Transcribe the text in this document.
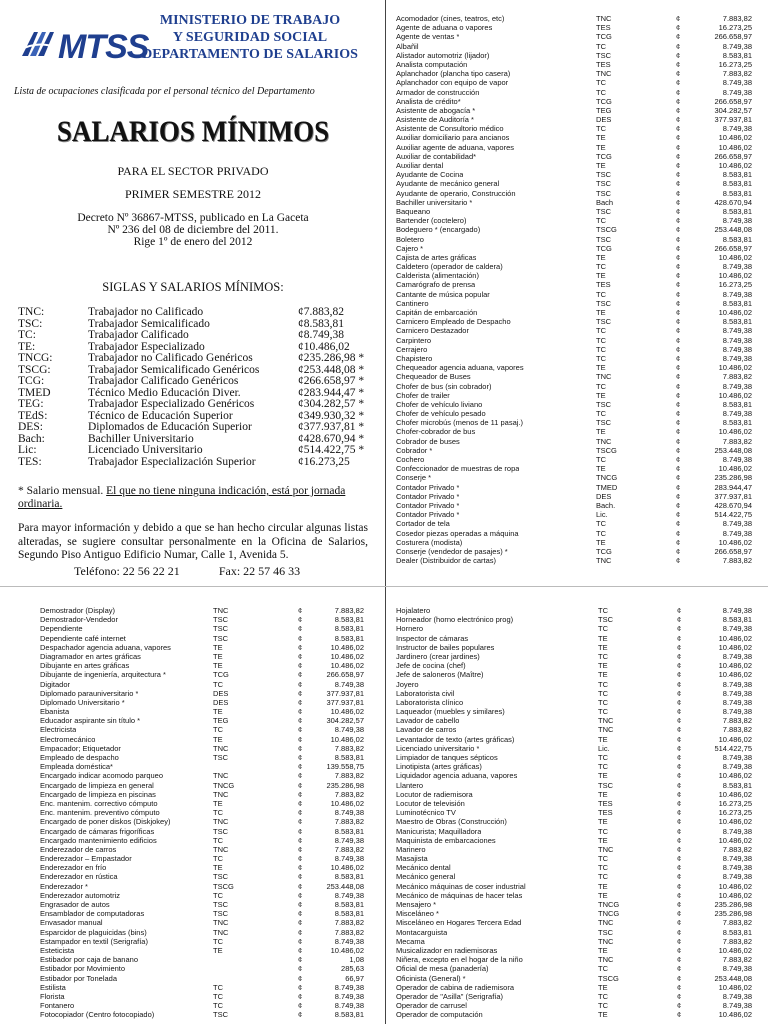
MTSS
MINISTERIO DE TRABAJO
Y SEGURIDAD SOCIAL
DEPARTAMENTO DE SALARIOS
Lista de ocupaciones clasificada por el personal técnico del Departamento
SALARIOS MÍNIMOS
PARA EL SECTOR PRIVADO
PRIMER SEMESTRE 2012
Decreto Nº 36867-MTSS, publicado en La Gaceta
Nº 236 del 08 de diciembre del 2011.
Rige 1º de enero del 2012
SIGLAS Y SALARIOS MÍNIMOS:
TNC:	Trabajador no Calificado	¢7.883,82
TSC:	Trabajador Semicalificado	¢8.583,81
TC:	Trabajador Calificado	¢8.749,38
TE:	Trabajador Especializado	¢10.486,02
TNCG:	Trabajador no Calificado Genéricos	¢235.286,98 *
TSCG:	Trabajador Semicalificado Genéricos	¢253.448,08 *
TCG:	Trabajador Calificado Genéricos	¢266.658,97 *
TMED	Técnico Medio Educación Diver.	¢283.944,47 *
TEG:	Trabajador Especializado Genéricos	¢304.282,57 *
TEdS:	Técnico de Educación Superior	¢349.930,32 *
DES:	Diplomados de Educación Superior	¢377.937,81 *
Bach:	Bachiller Universitario	¢428.670,94 *
Lic:	Licenciado Universitario	¢514.422,75 *
TES:	Trabajador Especialización Superior	¢16.273,25
* Salario mensual. El que no tiene ninguna indicación, está por jornada ordinaria.
Para mayor información y debido a que se han hecho circular algunas listas alteradas, se sugiere consultar personalmente en la Oficina de Salarios, Segundo Piso Antiguo Edificio Numar, Calle 1, Avenida 5.
Teléfono: 22 56 22 21	Fax: 22 57 46 33
Acomodador (cines, teatros, etc)	TNC	¢	7.883,82
Agente de aduana o vapores	TES	¢	16.273,25
Agente de ventas *	TCG	¢	266.658,97
Albañil	TC	¢	8.749,38
Alistador automotriz (lijador)	TSC	¢	8.583,81
Analista computación	TES	¢	16.273,25
Aplanchador (plancha tipo casera)	TNC	¢	7.883,82
Aplanchador con equipo de vapor	TC	¢	8.749,38
Armador de construcción	TC	¢	8.749,38
Analista de crédito*	TCG	¢	266.658,97
Asistente de abogacía *	TEG	¢	304.282,57
Asistente de Auditoría *	DES	¢	377.937,81
Asistente de Consultorio médico	TC	¢	8.749,38
Auxiliar domiciliario para ancianos	TE	¢	10.486,02
Auxiliar agente de aduana, vapores	TE	¢	10.486,02
Auxiliar de contabilidad*	TCG	¢	266.658,97
Auxiliar dental	TE	¢	10.486,02
Ayudante de Cocina	TSC	¢	8.583,81
Ayudante de mecánico general	TSC	¢	8.583,81
Ayudante de operario, Construcción	TSC	¢	8.583,81
Bachiller universitario *	Bach	¢	428.670,94
Baqueano	TSC	¢	8.583,81
Bartender (coctelero)	TC	¢	8.749,38
Bodeguero * (encargado)	TSCG	¢	253.448,08
Boletero	TSC	¢	8.583,81
Cajero *	TCG	¢	266.658,97
Cajista de artes gráficas	TE	¢	10.486,02
Caldetero (operador de caldera)	TC	¢	8.749,38
Calderista (alimentación)	TE	¢	10.486,02
Camarógrafo de prensa	TES	¢	16.273,25
Cantante de música popular	TC	¢	8.749,38
Cantinero	TSC	¢	8.583,81
Capitán de embarcación	TE	¢	10.486,02
Carnicero Empleado de Despacho	TSC	¢	8.583,81
Carnicero Destazador	TC	¢	8.749,38
Carpintero	TC	¢	8.749,38
Cerrajero	TC	¢	8.749,38
Chapistero	TC	¢	8.749,38
Chequeador agencia aduana, vapores	TE	¢	10.486,02
Chequeador de Buses	TNC	¢	7.883,82
Chofer de bus (sin cobrador)	TC	¢	8.749,38
Chofer de trailer	TE	¢	10.486,02
Chofer de vehículo liviano	TSC	¢	8.583,81
Chofer de vehículo pesado	TC	¢	8.749,38
Chofer microbús (menos de 11 pasaj.)	TSC	¢	8.583,81
Chofer-cobrador de bus	TE	¢	10.486,02
Cobrador de buses	TNC	¢	7.883,82
Cobrador *	TSCG	¢	253.448,08
Cochero	TC	¢	8.749,38
Confeccionador de muestras de ropa	TE	¢	10.486,02
Conserje *	TNCG	¢	235.286,98
Contador Privado *	TMED	¢	283.944,47
Contador Privado *	DES	¢	377.937,81
Contador Privado *	Bach.	¢	428.670,94
Contador Privado *	Lic.	¢	514.422,75
Cortador de tela	TC	¢	8.749,38
Cosedor piezas operadas a máquina	TC	¢	8.749,38
Costurera (modista)	TE	¢	10.486,02
Conserje (vendedor de pasajes) *	TCG	¢	266.658,97
Dealer (Distribuidor de cartas)	TNC	¢	7.883,82
Demostrador (Display)	TNC	¢	7.883,82
Demostrador-Vendedor	TSC	¢	8.583,81
Dependiente	TSC	¢	8.583,81
Dependiente café internet	TSC	¢	8.583,81
Despachador agencia aduana, vapores	TE	¢	10.486,02
Diagramador en artes gráficas	TE	¢	10.486,02
Dibujante en artes gráficas	TE	¢	10.486,02
Dibujante de ingeniería, arquitectura *	TCG	¢	266.658,97
Digitador	TC	¢	8.749,38
Diplomado parauniversitario *	DES	¢	377.937,81
Diplomado Universitario *	DES	¢	377.937,81
Ebanista	TE	¢	10.486,02
Educador aspirante sin título *	TEG	¢	304.282,57
Electricista	TC	¢	8.749,38
Electromecánico	TE	¢	10.486,02
Empacador; Etiquetador	TNC	¢	7.883,82
Empleado de despacho	TSC	¢	8.583,81
Empleada doméstica*	¢	139.558,75
Encargado indicar acomodo parqueo	TNC	¢	7.883,82
Encargado de limpieza en general	TNCG	¢	235.286,98
Encargado de limpieza en piscinas	TNC	¢	7.883,82
Enc. mantenim. correctivo cómputo	TE	¢	10.486,02
Enc. mantenim. preventivo cómputo	TC	¢	8.749,38
Encargado de poner diskos (Diskjokey)	TNC	¢	7.883,82
Encargado de cámaras frigoríficas	TSC	¢	8.583,81
Encargado mantenimiento edificios	TC	¢	8.749,38
Enderezador de carros	TNC	¢	7.883,82
Enderezador – Empastador	TC	¢	8.749,38
Enderezador en frío	TE	¢	10.486,02
Enderezador en rústica	TSC	¢	8.583,81
Enderezador *	TSCG	¢	253.448,08
Enderezador automotriz	TC	¢	8.749,38
Engrasador de autos	TSC	¢	8.583,81
Ensamblador de computadoras	TSC	¢	8.583,81
Envasador manual	TNC	¢	7.883,82
Esparcidor de plaguicidas (bins)	TNC	¢	7.883,82
Estampador en textil (Serigrafía)	TC	¢	8.749,38
Esteticista	TE	¢	10.486,02
Estibador por caja de banano	¢	1,08
Estibador por Movimiento	¢	285,63
Estibador por Tonelada	¢	66,97
Estilista	TC	¢	8.749,38
Florista	TC	¢	8.749,38
Fontanero	TC	¢	8.749,38
Fotocopiador (Centro fotocopiado)	TSC	¢	8.583,81
Hojalatero	TC	¢	8.749,38
Horneador (horno electrónico prog)	TSC	¢	8.583,81
Hornero	TC	¢	8.749,38
Inspector de cámaras	TE	¢	10.486,02
Instructor de bailes populares	TE	¢	10.486,02
Jardinero (crear jardines)	TC	¢	8.749,38
Jefe de cocina (chef)	TE	¢	10.486,02
Jefe de saloneros (Maître)	TE	¢	10.486,02
Joyero	TC	¢	8.749,38
Laboratorista civil	TC	¢	8.749,38
Laboratorista clínico	TC	¢	8.749,38
Laqueador (muebles y similares)	TC	¢	8.749,38
Lavador de cabello	TNC	¢	7.883,82
Lavador de carros	TNC	¢	7.883,82
Levantador de texto (artes gráficas)	TE	¢	10.486,02
Licenciado universitario *	Lic.	¢	514.422,75
Limpiador de tanques sépticos	TC	¢	8.749,38
Linotipista (artes gráficas)	TC	¢	8.749,38
Liquidador agencia aduana, vapores	TE	¢	10.486,02
Llantero	TSC	¢	8.583,81
Locutor de radiemisora	TE	¢	10.486,02
Locutor de televisión	TES	¢	16.273,25
Luminotécnico TV	TES	¢	16.273,25
Maestro de Obras (Construcción)	TE	¢	10.486,02
Manicurista; Maquilladora	TC	¢	8.749,38
Maquinista de embarcaciones	TE	¢	10.486,02
Marinero	TNC	¢	7.883,82
Masajista	TC	¢	8.749,38
Mecánico dental	TC	¢	8.749,38
Mecánico general	TC	¢	8.749,38
Mecánico máquinas de coser industrial	TE	¢	10.486,02
Mecánico de máquinas de hacer telas	TE	¢	10.486,02
Mensajero *	TNCG	¢	235.286,98
Misceláneo *	TNCG	¢	235.286,98
Misceláneo en Hogares Tercera Edad	TNC	¢	7.883,82
Montacarguista	TSC	¢	8.583,81
Mecama	TNC	¢	7.883,82
Musicalizador en radiemisoras	TE	¢	10.486,02
Niñera, excepto en el hogar de la niño	TNC	¢	7.883,82
Oficial de mesa (panadería)	TC	¢	8.749,38
Oficinista (General) *	TSCG	¢	253.448,08
Operador de cabina de radiemisora	TE	¢	10.486,02
Operador de "Asilla" (Serigrafía)	TC	¢	8.749,38
Operador de carrusel	TC	¢	8.749,38
Operador de computación	TE	¢	10.486,02
